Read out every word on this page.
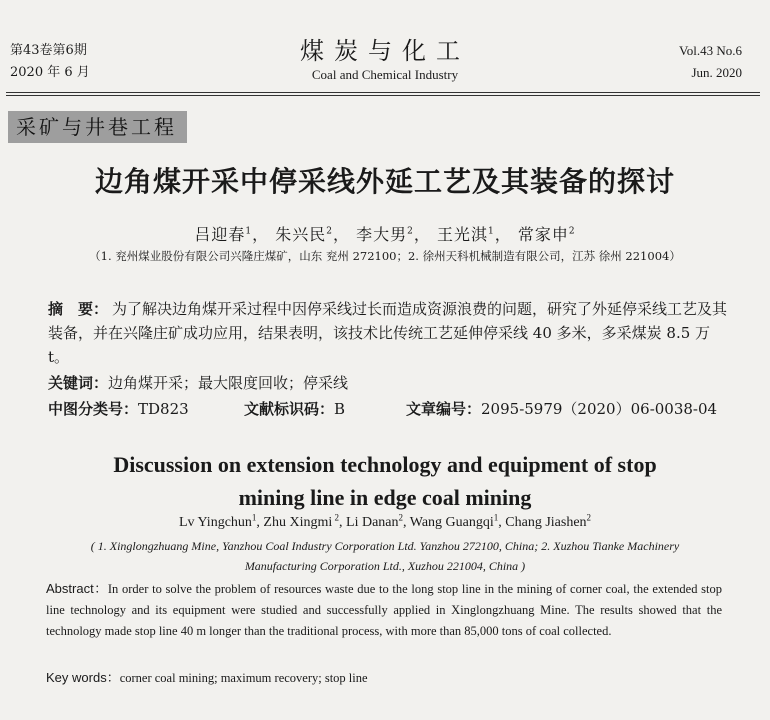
第43卷第6期
2020 年 6 月
煤炭与化工
Coal and Chemical Industry
Vol.43 No.6
Jun. 2020
采矿与井巷工程
边角煤开采中停采线外延工艺及其装备的探讨
吕迎春$^1$， 朱兴民$^2$， 李大男$^2$， 王光淇$^1$， 常家申$^2$
（1. 兖州煤业股份有限公司兴隆庄煤矿，山东 兖州 272100；2. 徐州天科机械制造有限公司，江苏 徐州 221004）
摘　要： 为了解决边角煤开采过程中因停采线过长而造成资源浪费的问题，研究了外延停采线工艺及其装备，并在兴隆庄矿成功应用，结果表明，该技术比传统工艺延伸停采线 40 多米，多采煤炭 8.5 万 t。
关键词：边角煤开采；最大限度回收；停采线
中图分类号：TD823	文献标识码：B	文章编号：2095-5979（2020）06-0038-04
Discussion on extension technology and equipment of stop
mining line in edge coal mining
Lv Yingchun$^1$, Zhu Xingmi $^2$, Li Danan$^2$, Wang Guangqi$^1$, Chang Jiashen$^2$
( 1. Xinglongzhuang Mine, Yanzhou Coal Industry Corporation Ltd. Yanzhou 272100, China; 2. Xuzhou Tianke Machinery Manufacturing Corporation Ltd., Xuzhou 221004, China )
Abstract：In order to solve the problem of resources waste due to the long stop line in the mining of corner coal, the extended stop line technology and its equipment were studied and successfully applied in Xinglongzhuang Mine. The results showed that the technology made stop line 40 m longer than the traditional process, with more than 85,000 tons of coal collected.
Key words：corner coal mining; maximum recovery; stop line
